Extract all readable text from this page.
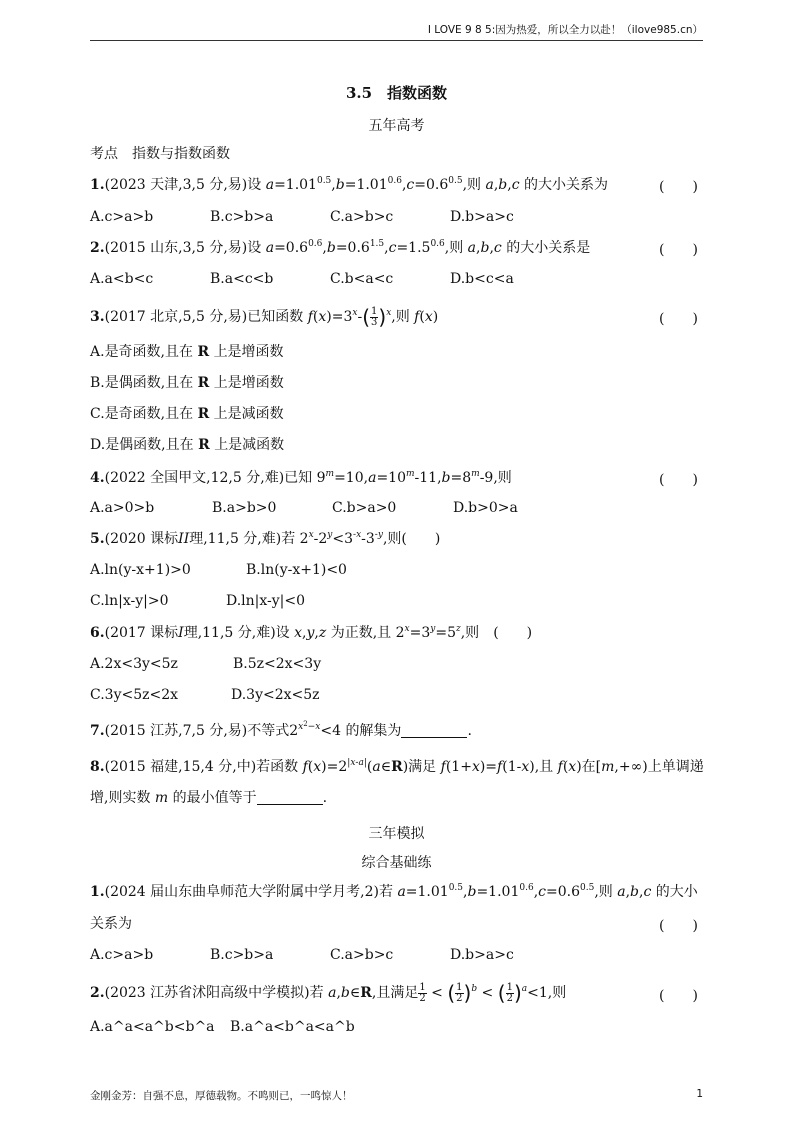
I LOVE 9 8 5:因为热爱，所以全力以赴！（ilove985.cn）
3.5　指数函数
五年高考
考点　指数与指数函数
1.(2023 天津,3,5 分,易)设 $a=1.01^{0.5},b=1.01^{0.6},c=0.6^{0.5}$,则 a,b,c 的大小关系为	(　　)
A.c>a>b	B.c>b>a	C.a>b>c	D.b>a>c
2.(2015 山东,3,5 分,易)设 $a=0.6^{0.6},b=0.6^{1.5},c=1.5^{0.6}$,则 a,b,c 的大小关系是	(　　)
A.a<b<c	B.a<c<b	C.b<a<c	D.b<c<a
3.(2017 北京,5,5 分,易)已知函数 $f(x)=3^x-( \frac{1}{3} )^x$,则 f(x)	(　　)
A.是奇函数,且在 R 上是增函数
B.是偶函数,且在 R 上是增函数
C.是奇函数,且在 R 上是减函数
D.是偶函数,且在 R 上是减函数
4.(2022 全国甲文,12,5 分,难)已知 $9^m=10,a=10^m-11,b=8^m-9$,则	(　　)
A.a>0>b	B.a>b>0	C.b>a>0	D.b>0>a
5.(2020 课标II理,11,5 分,难)若 $2^x-2^y<3^{-x}-3^{-y}$,则(　　)
A.ln(y-x+1)>0	B.ln(y-x+1)<0
C.ln|x-y|>0	D.ln|x-y|<0
6.(2017 课标I理,11,5 分,难)设 x,y,z 为正数,且 $2^x=3^y=5^z$,则　(　　)
A.2x<3y<5z	B.5z<2x<3y
C.3y<5z<2x	D.3y<2x<5z
7.(2015 江苏,7,5 分,易)不等式$2^{x^2-x}<4$ 的解集为	.
8.(2015 福建,15,4 分,中)若函数 $f(x)=2^{|x-a|}(a\in R)$满足 f(1+x)=f(1-x),且 f(x)在[m,+∞)上单调递
增,则实数 m 的最小值等于	.
三年模拟
综合基础练
1.(2024 届山东曲阜师范大学附属中学月考,2)若 $a=1.01^{0.5},b=1.01^{0.6},c=0.6^{0.5}$,则 a,b,c 的大小
关系为	(　　)
A.c>a>b	B.c>b>a	C.a>b>c	D.b>a>c
2.(2023 江苏省沭阳高级中学模拟)若 a,b∈R,且满足 $\frac{1}{2}$ < ( $\frac{1}{2} )^b$ < ( $\frac{1}{2} )^a<1$,则	(　　)
A.a^a<a^b<b^a B.a^a<b^a<a^b
金刚金芳：自强不息，厚德载物。不鸣则已，一鸣惊人！	1
